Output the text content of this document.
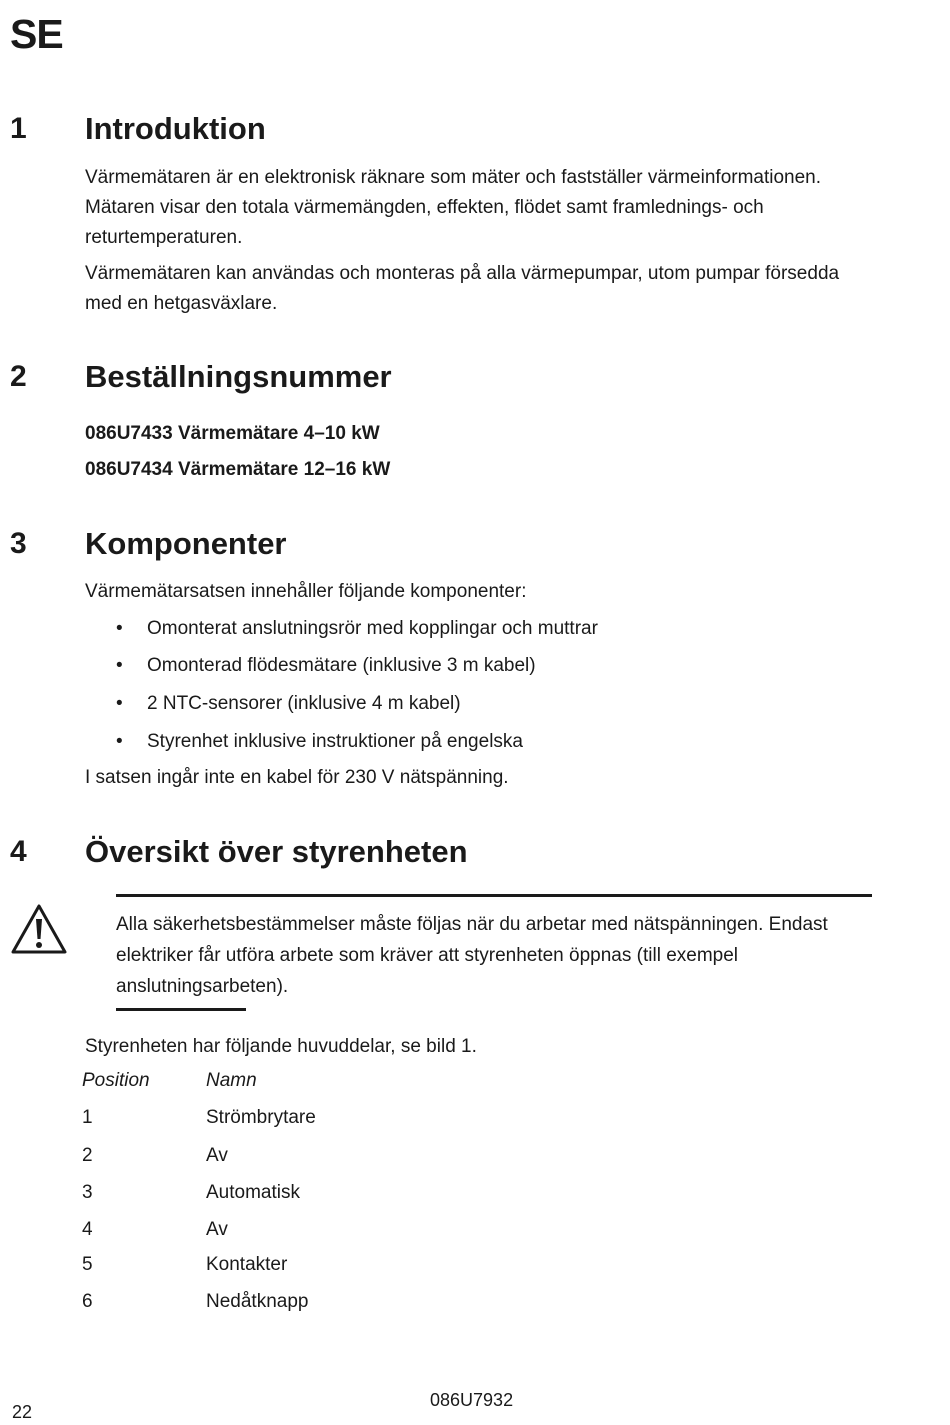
SE
1 Introduktion

Värmemätaren är en elektronisk räknare som mäter och fastställer värmeinformationen. Mätaren visar den totala värmemängden, effekten, flödet samt framlednings- och returtemperaturen.

Värmemätaren kan användas och monteras på alla värmepumpar, utom pumpar försedda med en hetgasväxlare.

2 Beställningsnummer
086U7433 Värmemätare 4–10 kW
086U7434 Värmemätare 12–16 kW
3 Komponenter
Värmemätarsatsen innehåller följande komponenter:
• Omonterat anslutningsrör med kopplingar och muttrar
• Omonterad flödesmätare (inklusive 3 m kabel)
• 2 NTC-sensorer (inklusive 4 m kabel)
• Styrenhet inklusive instruktioner på engelska
I satsen ingår inte en kabel för 230 V nätspänning.
4 Översikt över styrenheten
Alla säkerhetsbestämmelser måste följas när du arbetar med nätspänningen. Endast elektriker får utföra arbete som kräver att styrenheten öppnas (till exempel anslutningsarbeten).
Styrenheten har följande huvuddelar, se bild 1.
Position	Namn
1	Strömbrytare
2	Av
3	Automatisk
4	Av
5	Kontakter
6	Nedåtknapp
22
086U7932
